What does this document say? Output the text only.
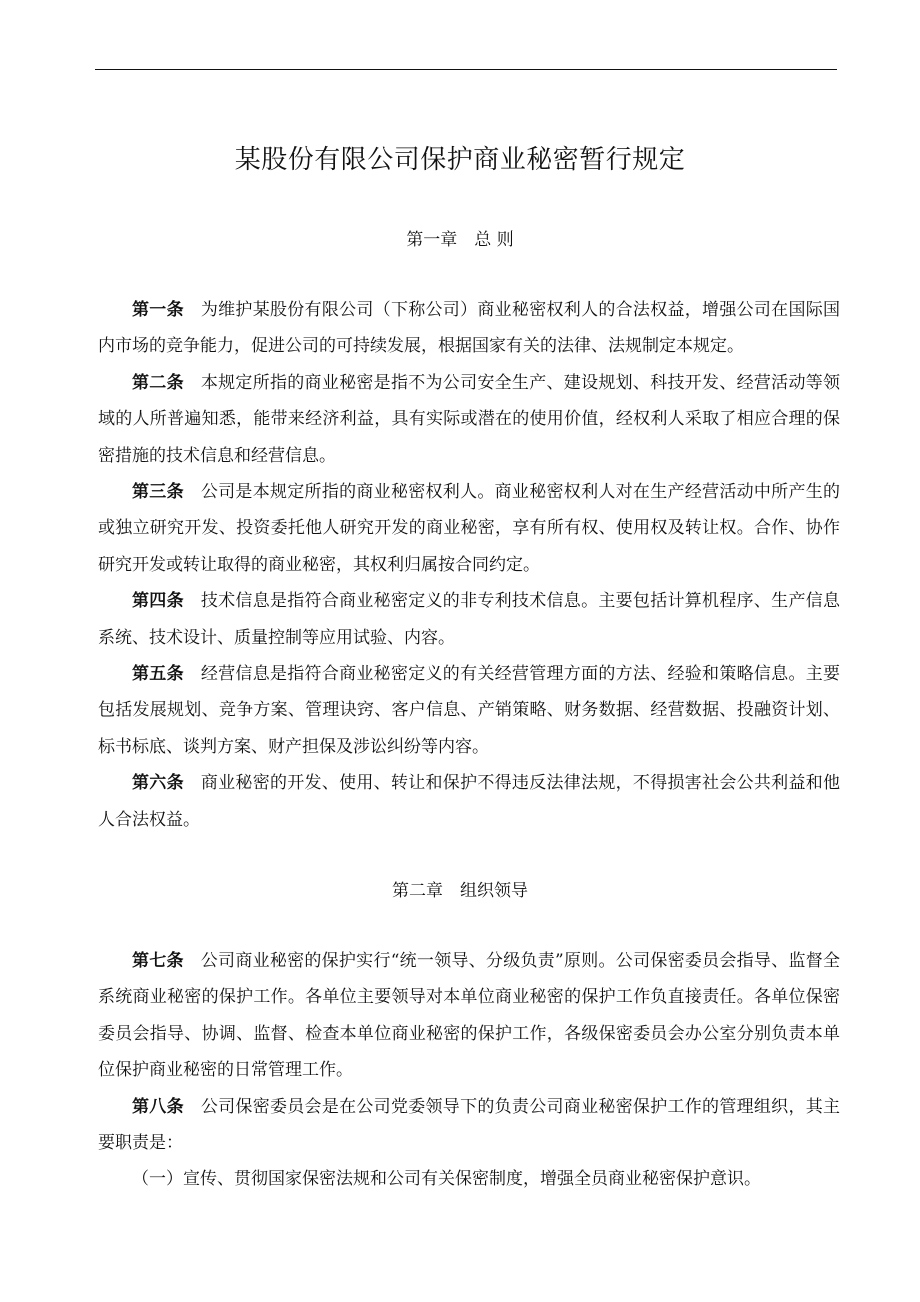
某股份有限公司保护商业秘密暂行规定
第一章　总 则

第一条 为维护某股份有限公司（下称公司）商业秘密权利人的合法权益，增强公司在国际国内市场的竞争能力，促进公司的可持续发展，根据国家有关的法律、法规制定本规定。

第二条 本规定所指的商业秘密是指不为公司安全生产、建设规划、科技开发、经营活动等领域的人所普遍知悉，能带来经济利益，具有实际或潜在的使用价值，经权利人采取了相应合理的保密措施的技术信息和经营信息。

第三条 公司是本规定所指的商业秘密权利人。商业秘密权利人对在生产经营活动中所产生的或独立研究开发、投资委托他人研究开发的商业秘密，享有所有权、使用权及转让权。合作、协作研究开发或转让取得的商业秘密，其权利归属按合同约定。

第四条 技术信息是指符合商业秘密定义的非专利技术信息。主要包括计算机程序、生产信息系统、技术设计、质量控制等应用试验、内容。

第五条 经营信息是指符合商业秘密定义的有关经营管理方面的方法、经验和策略信息。主要包括发展规划、竞争方案、管理诀窍、客户信息、产销策略、财务数据、经营数据、投融资计划、标书标底、谈判方案、财产担保及涉讼纠纷等内容。

第六条 商业秘密的开发、使用、转让和保护不得违反法律法规，不得损害社会公共利益和他人合法权益。

第二章　组织领导

第七条 公司商业秘密的保护实行“统一领导、分级负责”原则。公司保密委员会指导、监督全系统商业秘密的保护工作。各单位主要领导对本单位商业秘密的保护工作负直接责任。各单位保密委员会指导、协调、监督、检查本单位商业秘密的保护工作，各级保密委员会办公室分别负责本单位保护商业秘密的日常管理工作。

第八条 公司保密委员会是在公司党委领导下的负责公司商业秘密保护工作的管理组织，其主要职责是：

（一）宣传、贯彻国家保密法规和公司有关保密制度，增强全员商业秘密保护意识。
